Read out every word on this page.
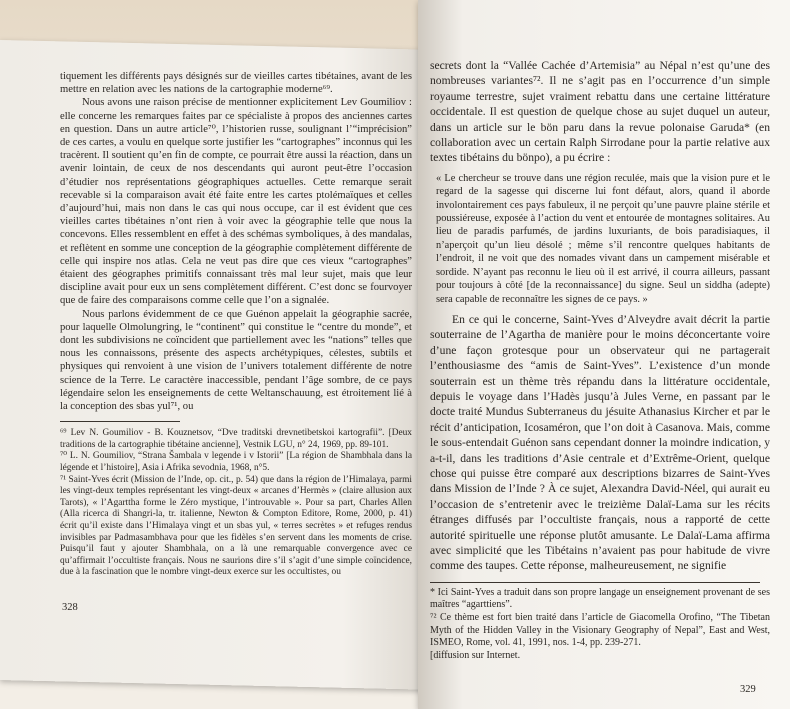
tiquement les différents pays désignés sur de vieilles cartes tibétaines, avant de les mettre en relation avec les nations de la cartographie moderne⁶⁹.

Nous avons une raison précise de mentionner explicitement Lev Goumiliov : elle concerne les remarques faites par ce spécialiste à propos des anciennes cartes en question. Dans un autre article⁷⁰, l’historien russe, soulignant l’“imprécision” de ces cartes, a voulu en quelque sorte justifier les “cartographes” inconnus qui les tracèrent. Il soutient qu’en fin de compte, ce pourrait être aussi la réaction, dans un avenir lointain, de ceux de nos descendants qui auront peut-être l’occasion d’étudier nos représentations géographiques actuelles. Cette remarque serait recevable si la comparaison avait été faite entre les cartes ptolémaïques et celles d’aujourd’hui, mais non dans le cas qui nous occupe, car il est évident que ces vieilles cartes tibétaines n’ont rien à voir avec la géographie telle que nous la concevons. Elles ressemblent en effet à des schémas symboliques, à des mandalas, et reflètent en somme une conception de la géographie complètement différente de celle qui inspire nos atlas. Cela ne veut pas dire que ces vieux “cartographes” étaient des géographes primitifs connaissant très mal leur sujet, mais que leur discipline avait pour eux un sens complètement différent. C’est donc se fourvoyer que de faire des comparaisons comme celle que l’on a signalée.

Nous parlons évidemment de ce que Guénon appelait la géographie sacrée, pour laquelle Olmolungring, le “continent” qui constitue le “centre du monde”, et dont les subdivisions ne coïncident que partiellement avec les “nations” telles que nous les connaissons, présente des aspects archétypiques, célestes, subtils et physiques qui renvoient à une vision de l’univers totalement différente de notre science de la Terre. Le caractère inaccessible, pendant l’âge sombre, de ce pays légendaire selon les enseignements de cette Weltanschauung, est étroitement lié à la conception des sbas yul⁷¹, ou

⁶⁹ Lev N. Goumiliov - B. Kouznetsov, “Dve traditski drevnetibetskoi kartografii”. [Deux traditions de la cartographie tibétaine ancienne], Vestnik LGU, n° 24, 1969, pp. 89-101.

⁷⁰ L. N. Goumiliov, “Strana Šambala v legende i v Istorii” [La région de Shambhala dans la légende et l’histoire], Asia i Afrika sevodnia, 1968, n°5.

⁷¹ Saint-Yves écrit (Mission de l’Inde, op. cit., p. 54) que dans la région de l’Himalaya, parmi les vingt-deux temples représentant les vingt-deux « arcanes d’Hermès » (claire allusion aux Tarots), « l’Agarttha forme le Zéro mystique, l’introuvable ». Pour sa part, Charles Allen (Alla ricerca di Shangri-la, tr. italienne, Newton & Compton Editore, Rome, 2000, p. 41) écrit qu’il existe dans l’Himalaya vingt et un sbas yul, « terres secrètes » et refuges rendus invisibles par Padmasambhava pour que les fidèles s’en servent dans les moments de crise. Puisqu’il faut y ajouter Shambhala, on a là une remarquable convergence avec ce qu’affirmait l’occultiste français. Nous ne saurions dire s’il s’agit d’une simple coïncidence, due à la fascination que le nombre vingt-deux exerce sur les occultistes, ou

328

secrets dont la “Vallée Cachée d’Artemisia” au Népal n’est qu’une des nombreuses variantes⁷². Il ne s’agit pas en l’occurrence d’un simple royaume terrestre, sujet vraiment rebattu dans une certaine littérature occidentale. Il est question de quelque chose au sujet duquel un auteur, dans un article sur le bön paru dans la revue polonaise Garuda* (en collaboration avec un certain Ralph Sirrodane pour la partie relative aux textes tibétains du bönpo), a pu écrire :

« Le chercheur se trouve dans une région reculée, mais que la vision pure et le regard de la sagesse qui discerne lui font défaut, alors, quand il aborde involontairement ces pays fabuleux, il ne perçoit qu’une pauvre plaine stérile et poussiéreuse, exposée à l’action du vent et entourée de montagnes solitaires. Au lieu de paradis parfumés, de jardins luxuriants, de bois paradisiaques, il n’aperçoit qu’un lieu désolé ; même s’il rencontre quelques habitants de l’endroit, il ne voit que des nomades vivant dans un campement misérable et sordide. N’ayant pas reconnu le lieu où il est arrivé, il courra ailleurs, passant pour toujours à côté [de la reconnaissance] du signe. Seul un siddha (adepte) sera capable de reconnaître les signes de ce pays. »

En ce qui le concerne, Saint-Yves d’Alveydre avait décrit la partie souterraine de l’Agartha de manière pour le moins déconcertante voire d’une façon grotesque pour un observateur qui ne partagerait l’enthousiasme des “amis de Saint-Yves”. L’existence d’un monde souterrain est un thème très répandu dans la littérature occidentale, depuis le voyage dans l’Hadès jusqu’à Jules Verne, en passant par le docte traité Mundus Subterraneus du jésuite Athanasius Kircher et par le récit d’anticipation, Icosaméron, que l’on doit à Casanova. Mais, comme le sous-entendait Guénon sans cependant donner la moindre indication, y a-t-il, dans les traditions d’Asie centrale et d’Extrême-Orient, quelque chose qui puisse être comparé aux descriptions bizarres de Saint-Yves dans Mission de l’Inde ? À ce sujet, Alexandra David-Néel, qui aurait eu l’occasion de s’entretenir avec le treizième Dalaï-Lama sur les récits étranges diffusés par l’occultiste français, nous a rapporté de cette autorité spirituelle une réponse plutôt amusante. Le Dalaï-Lama affirma avec simplicité que les Tibétains n’avaient pas pour habitude de vivre comme des taupes. Cette réponse, malheureusement, ne signifie

* Ici Saint-Yves a traduit dans son propre langage un enseignement provenant de ses maîtres “agarttiens”.

⁷² Ce thème est fort bien traité dans l’article de Giacomella Orofino, “The Tibetan Myth of the Hidden Valley in the Visionary Geography of Nepal”, East and West, ISMEO, Rome, vol. 41, 1991, nos. 1-4, pp. 239-271.

[diffusion sur Internet.

329
